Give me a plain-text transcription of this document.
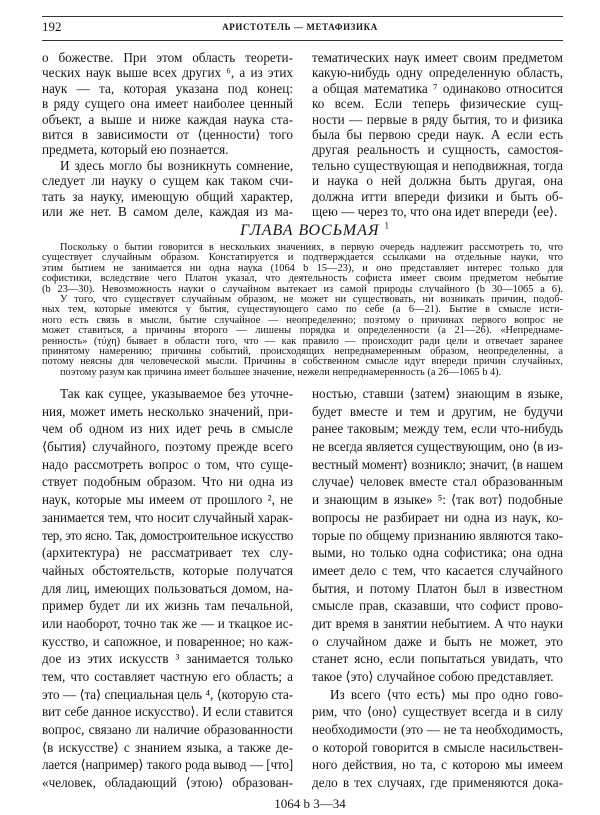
192	АРИСТОТЕЛЬ — МЕТАФИЗИКА
о божестве. При этом область теорети-
ческих наук выше всех других ⁶, а из этих
наук — та, которая указана под конец:
в ряду сущего она имеет наиболее ценный
объект, а выше и ниже каждая наука ста-
вится в зависимости от ⟨ценности⟩ того
предмета, который ею познается.
И здесь могло бы возникнуть сомнение,
следует ли науку о сущем как таком счи-
тать за науку, имеющую общий характер,
или же нет. В самом деле, каждая из ма-
тематических наук имеет своим предметом
какую-нибудь одну определенную область,
а общая математика ⁷ одинаково относится
ко всем. Если теперь физические сущ-
ности — первые в ряду бытия, то и физика
была бы первою среди наук. А если есть
другая реальность и сущность, самостоя-
тельно существующая и неподвижная, тогда
и наука о ней должна быть другая, она
должна итти впереди физики и быть об-
щею — через то, что она идет впереди ⟨ее⟩.
ГЛАВА ВОСЬМАЯ $^1$
Поскольку о бытии говорится в нескольких значениях, в первую очередь надлежит рассмотреть то, что
существует случайным образом. Констатируется и подтверждается ссылками на отдельные науки, что
этим бытием не занимается ни одна наука (1064 b 15—23), и оно представляет интерес только для
софистики, вследствие чего Платон указал, что деятельность софиста имеет своим предметом небытие
(b 23—30). Невозможность науки о случайном вытекает из самой природы случайного (b 30—1065 a 6).
У того, что существует случайным образом, не может ни существовать, ни возникать причин, подоб-
ных тем, которые имеются у бытия, существующего само по себе (a 6—21). Бытие в смысле исти-
ного есть связь в мысли, бытие случайное — неопределенно; поэтому о причинах первого вопрос не
может ставиться, а причины второго — лишены порядка и определенности (a 21—26). «Непреднаме-
ренность» (τύχη) бывает в области того, что — как правило — происходит ради цели и отвечает заранее
принятому намерению; причины событий, происходящих непреднамеренным образом, неопределенны, а
потому неясны для человеческой мысли. Причины в собственном смысле идут впереди причин случайных,
поэтому разум как причина имеет большее значение, нежели непреднамеренность (a 26—1065 b 4).
Так как сущее, указываемое без уточне-
ния, может иметь несколько значений, при-
чем об одном из них идет речь в смысле
⟨бытия⟩ случайного, поэтому прежде всего
надо рассмотреть вопрос о том, что суще-
ствует подобным образом. Что ни одна из
наук, которые мы имеем от прошлого ², не
занимается тем, что носит случайный харак-
тер, это ясно. Так, домостроительное искусство
(архитектура) не рассматривает тех слу-
чайных обстоятельств, которые получатся
для лиц, имеющих пользоваться домом, на-
пример будет ли их жизнь там печальной,
или наоборот, точно так же — и ткацкое ис-
кусство, и сапожное, и поваренное; но каж-
дое из этих искусств ³ занимается только
тем, что составляет частную его область; а
это — ⟨та⟩ специальная цель ⁴, ⟨которую ста-
вит себе данное искусство⟩. И если ставится
вопрос, связано ли наличие образованности
⟨в искусстве⟩ с знанием языка, а также де-
лается ⟨например⟩ такого рода вывод — [что]
«человек, обладающий ⟨этою⟩ образован-
ностью, ставши ⟨затем⟩ знающим в языке,
будет вместе и тем и другим, не будучи
ранее таковым; между тем, если что-нибудь
не всегда является существующим, оно ⟨в из-
вестный момент⟩ возникло; значит, ⟨в нашем
случае⟩ человек вместе стал образованным
и знающим в языке» ⁵: ⟨так вот⟩ подобные
вопросы не разбирает ни одна из наук, ко-
торые по общему признанию являются тако-
выми, но только одна софистика; она одна
имеет дело с тем, что касается случайного
бытия, и потому Платон был в известном
смысле прав, сказавши, что софист прово-
дит время в занятии небытием. А что науки
о случайном даже и быть не может, это
станет ясно, если попытаться увидать, что
такое ⟨это⟩ случайное собою представляет.
Из всего ⟨что есть⟩ мы про одно гово-
рим, что ⟨оно⟩ существует всегда и в силу
необходимости (это — не та необходимость,
о которой говорится в смысле насильствен-
ного действия, но та, с которою мы имеем
дело в тех случаях, где применяются дока-
1064 b 3—34
